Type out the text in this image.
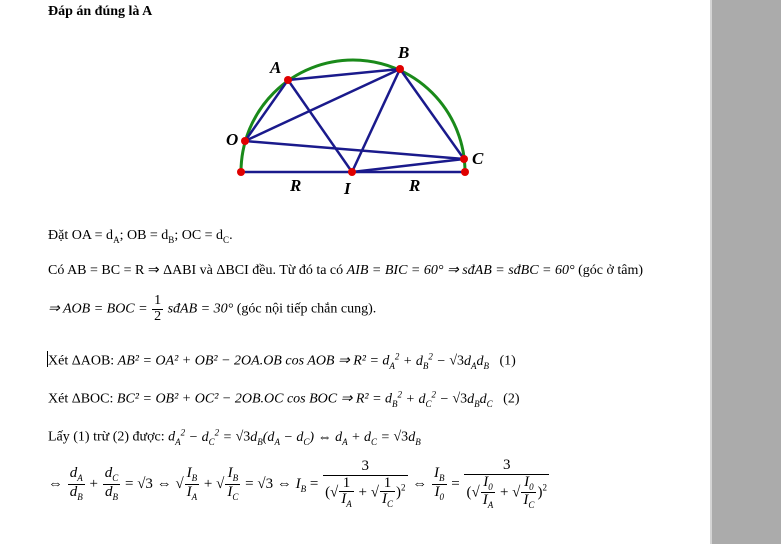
Đáp án đúng là A
A
B
O
C
I
R	R
Đặt OA = $d_A$; OB = $d_B$; OC = $d_C$.
Có AB = BC = R ⇒ ΔABI và ΔBCI đều. Từ đó ta có AIB = BIC = 60° ⇒ sđAB = sđBC = 60° (góc ở tâm)
⇒ AOB = BOC = $\frac{1}{2}$ sđAB = 30° (góc nội tiếp chắn cung).
Xét ΔAOB: AB² = OA² + OB² − 2OA.OB cos AOB ⇒ $R^2 = d_A^2 + d_B^2 - √3d_Ad_B$ (1)
Xét ΔBOC: BC² = OB² + OC² − 2OB.OC cos BOC ⇒ $R^2 = d_B^2 + d_C^2 - √3d_Bd_C$ (2)
Lấy (1) trừ (2) được: $d_A^2 - d_C^2 = √3d_B(d_A - d_C)$ ⇔ $d_A + d_C = √3d_B$
⇔ $\frac{d_A}{d_B} + \frac{d_C}{d_B} = √3$ ⇔ √ $\frac{I_B}{I_A}$ + √ $\frac{I_B}{I_C} = √3$ ⇔ $I_B = \frac{3}{(√ \frac{1}{I_A} + √ \frac{1}{I_C} )^2}$ ⇔ $\frac{I_B}{I_0} = \frac{3}{(√ \frac{I_0}{I_A} + √ \frac{I_0}{I_C} )^2}$
